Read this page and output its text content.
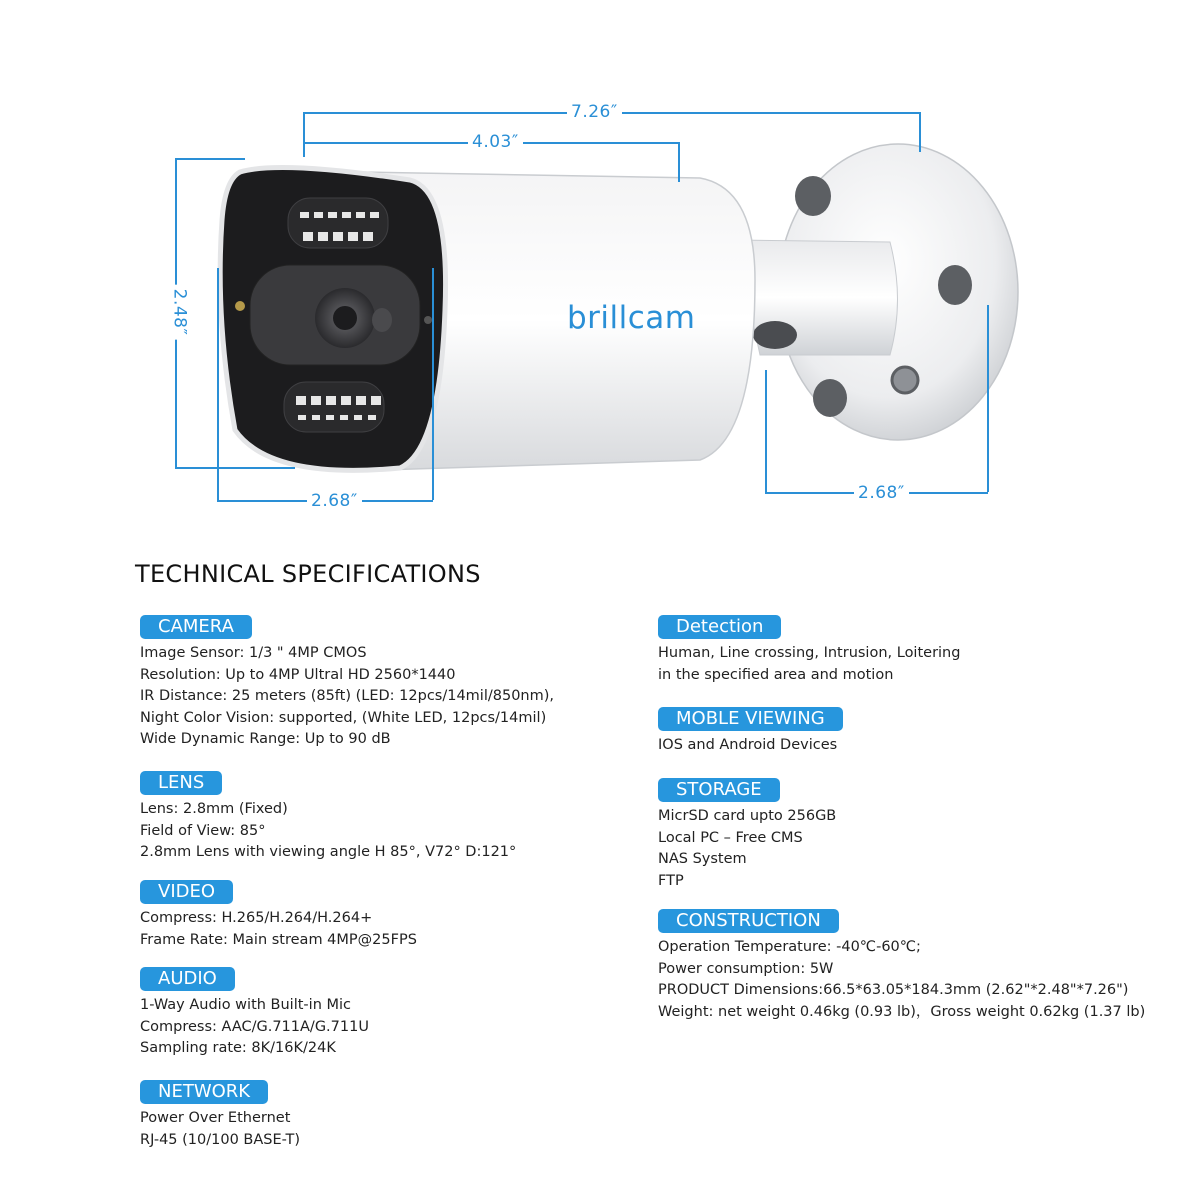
brillcam
7.26″
4.03″
2.48″
2.68″	2.68″
TECHNICAL SPECIFICATIONS
CAMERA
Image Sensor: 1/3 " 4MP CMOS
Resolution: Up to 4MP Ultral HD 2560*1440
IR Distance: 25 meters (85ft) (LED: 12pcs/14mil/850nm),
Night Color Vision: supported, (White LED, 12pcs/14mil)
Wide Dynamic Range: Up to 90 dB
LENS
Lens: 2.8mm (Fixed)
Field of View: 85°
2.8mm Lens with viewing angle H 85°, V72° D:121°
VIDEO
Compress: H.265/H.264/H.264+
Frame Rate: Main stream 4MP@25FPS
AUDIO
1-Way Audio with Built-in Mic
Compress: AAC/G.711A/G.711U
Sampling rate: 8K/16K/24K
NETWORK
Power Over Ethernet
RJ-45 (10/100 BASE-T)
Detection
Human, Line crossing, Intrusion, Loitering
in the specified area and motion
MOBLE VIEWING
IOS and Android Devices
STORAGE
MicrSD card upto 256GB
Local PC – Free CMS
NAS System
FTP
CONSTRUCTION
Operation Temperature: -40℃-60℃;
Power consumption: 5W
PRODUCT Dimensions:66.5*63.05*184.3mm (2.62"*2.48"*7.26")
Weight: net weight 0.46kg (0.93 lb)，Gross weight 0.62kg (1.37 lb)
